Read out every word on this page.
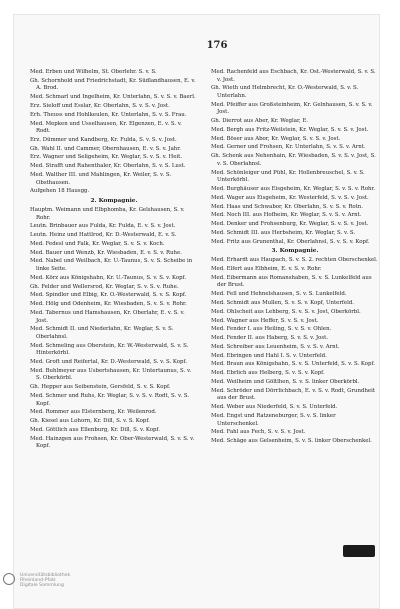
176
Med. Erben und Wilhelm, St. Oberlehr. S. v. S.
Gh. Schornhold und Friedrichstadt, Kr. Südlandhausen, E. v. A. Brod.
Med. Schmarl und Ingelheim, Kr. Unterlahn, S. v. S. v. Baerl.
Erz. Sieloff und Esslar, Kr. Oberlahn, S. v. S. v. Jost.
Erh. Theuss und Hohlkeulen, Kr. Unterlahn, S. v. S. Frau.
Med. Mepken und Usselhausen, Kr. Elgenzen, E. v. S. v. Rodt.
Erz. Dümmer und Kandberg, Kr. Fulda, S. v. S. v. Jost.
Gh. Wahl II. und Cammer, Obernhausen, E. v. S. v. Jahr.
Erz. Wagner und Seligeheim, Kr. Weglar, S. v. S. v. Heit.
Med. Strafft und Rahenthaler, Kr. Oberlahn, S. v. S. Lust.
Med. Walther III. und Mahlingen, Kr. Weiler, S. v. S. Obsthausen.
Aufgehen 18 Hausgg.
2. Kompagnie.
Hauptm. Weimann und Elbphomba, Kr. Gelshausen, S. v. Rohr.
Leutn. Brinbauer aus Fulda, Kr. Fulda, E. v. S. v. Jost.
Leutn. Heinz und Hattlrod, Kr. D.-Westerwald, E. v. S.
Med. Fedesl und Falk, Kr. Weglar, S. v. S. v. Koch.
Med. Bauer und Wenzb, Kr. Wiesbaden, E. v. S. v. Ruhe.
Med. Nabel und Weilbach, Kr. U.-Taunus, S. v. S. Scheibe in linke Seite.
Med. Körz aus Königshahn, Kr. U.-Taunus, S. v. S. v. Kopf.
Gh. Felder und Wellersrod, Kr. Weglar, S. v. S. v. Ruhe.
Med. Spindler und Elbig, Kr. O.-Westerwald, S. v. S. Kopf.
Med. Hölg und Odenheim, Kr. Wiesbaden, S. v. S. v. Rohr.
Med. Tabernus und Hamshausen, Kr. Oberlahr, E. v. S. v. Jost.
Med. Schmidt II. und Niederlahn, Kr. Weglar, S. v. S. Oberlahnsl.
Med. Schmeling aus Oberstein, Kr. W.-Westerwald, S. v. S. Hinterkörbl.
Med. Groft und Reifertal, Kr. D.-Westerwald, S. v. S. Kopf.
Med. Buhlmeyer aus Usbertshausen, Kr. Untertaunus, S. v. S. Oberkörbl.
Gh. Hepper aus Seibenstein, Gersfeld, S. v. S. Kopf.
Med. Schmer und Ruhs, Kr. Weglar, S. v. S. v. Rodt, S. v. S. Kopf.
Med. Rommer aus Elsternberg, Kr. Weilenrod.
Gh. Kiesel aus Lohorn, Kr. Dill, S. v. S. Kopf.
Med. Göttlich aus Ellenburg, Kr. Dill, S. v. Kopf.
Med. Hainzgen aus Frohsen, Kr. Ober-Westerwald, S. v. S. v. Kopf.
Med. Rachenfeld aus Eschbach, Kr. Ost.-Westerwald, S. v. S. v. Jost.
Gh. Wieth und Helmbrecht, Kr. O.-Westerwald, S. v. S. Unterlahn.
Med. Pfeiffer aus Großsteinheim, Kr. Gelnhausen, S. v. S. v. Jost.
Gh. Dierrot aus Aber, Kr. Weglar, E.
Med. Bergh aus Fritz-Weilstein, Kr. Weglar, S. v. S. v. Jost.
Med. Böser aus Abor, Kr. Weglar, S. v. S. v. Jost.
Med. Gerner und Frohsen, Kr. Unterlahn, S. v. S. v. Arnt.
Gh. Schenk aus Nehenhain, Kr. Wiesbaden, S. v. S. v. Jost, S. v. S. Oberlahnsl.
Med. Schönleiger und Pühl, Kr. Hollenbreuschel, S. v. S. Unterkörbl.
Med. Burghäuser aus Eisgeheim, Kr. Weglar, S. v. S. v. Rohr.
Med. Wager aus Eisgeheim, Kr. Westerfeld, S. v. S. v. Jost.
Med. Haas und Schwabor, Kr. Oberlahn, S. v. S. v. Rotn.
Med. Noch III. aus Hofheim, Kr. Weglar, S. v. S. v. Arnt.
Med. Denker und Frohsenburg, Kr. Weglar, S. v. S. v. Jost.
Med. Schmidt III. aus Herbsheim, Kr. Weglar, S. v. S.
Med. Fritz aus Grunenthal, Kr. Oberlahnsl, S. v. S. v. Kopf.
3. Kompagnie.
Med. Erhardt aus Haupach, S. v. S. 2. rechten Oberschenkel.
Med. Elfert aus Elbheim, E. v. S. v. Rohr.
Med. Eibermann aus Romanshaben, S. v. S. Lunkelfeld aus der Brust.
Med. Fell und Hehnelshausen, S. v. S. Lunkelfeld.
Med. Schmidt aus Mullen, S. v. S. v. Kopf, Unterfeld.
Med. Ohlscheit aus Lehberg, S. v. S. v. Jost, Oberkörbl.
Med. Wagner aus Heffer, S. v. S. v. Jost.
Med. Fender I. aus Heiling, S. v. S. v. Ohlen.
Med. Fender II. aus Haberg, S. v. S. v. Jost.
Med. Schreiber aus Leuenheim, S. v. S. v. Arnt.
Med. Ebringen und Hahl I. S. v. Unterfeld.
Med. Braun aus Königshahn, S. v. S. Unterfeld, S. v. S. Kopf.
Med. Ebrlich aus Helberg, S. v. S. v. Kopf.
Med. Weilheim und Göltlhen, S. v. S. linker Oberkörbl.
Med. Schröder und Dörrlichbach, E. v. S. v. Rodt, Grundheit aus der Brust.
Med. Weber aus Niederfeld, S. v. S. Unterfeld.
Med. Engst und Ratzeneburger, S. v. S. linker Unterschenkel.
Med. Fahl aus Fech, S. v. S. v. Jost.
Med. Schäge aus Gelsenheim, S. v. S. linker Oberschenkel.
Universitätsbibliothek
Rheinland-Pfalz
Digitale Sammlung
